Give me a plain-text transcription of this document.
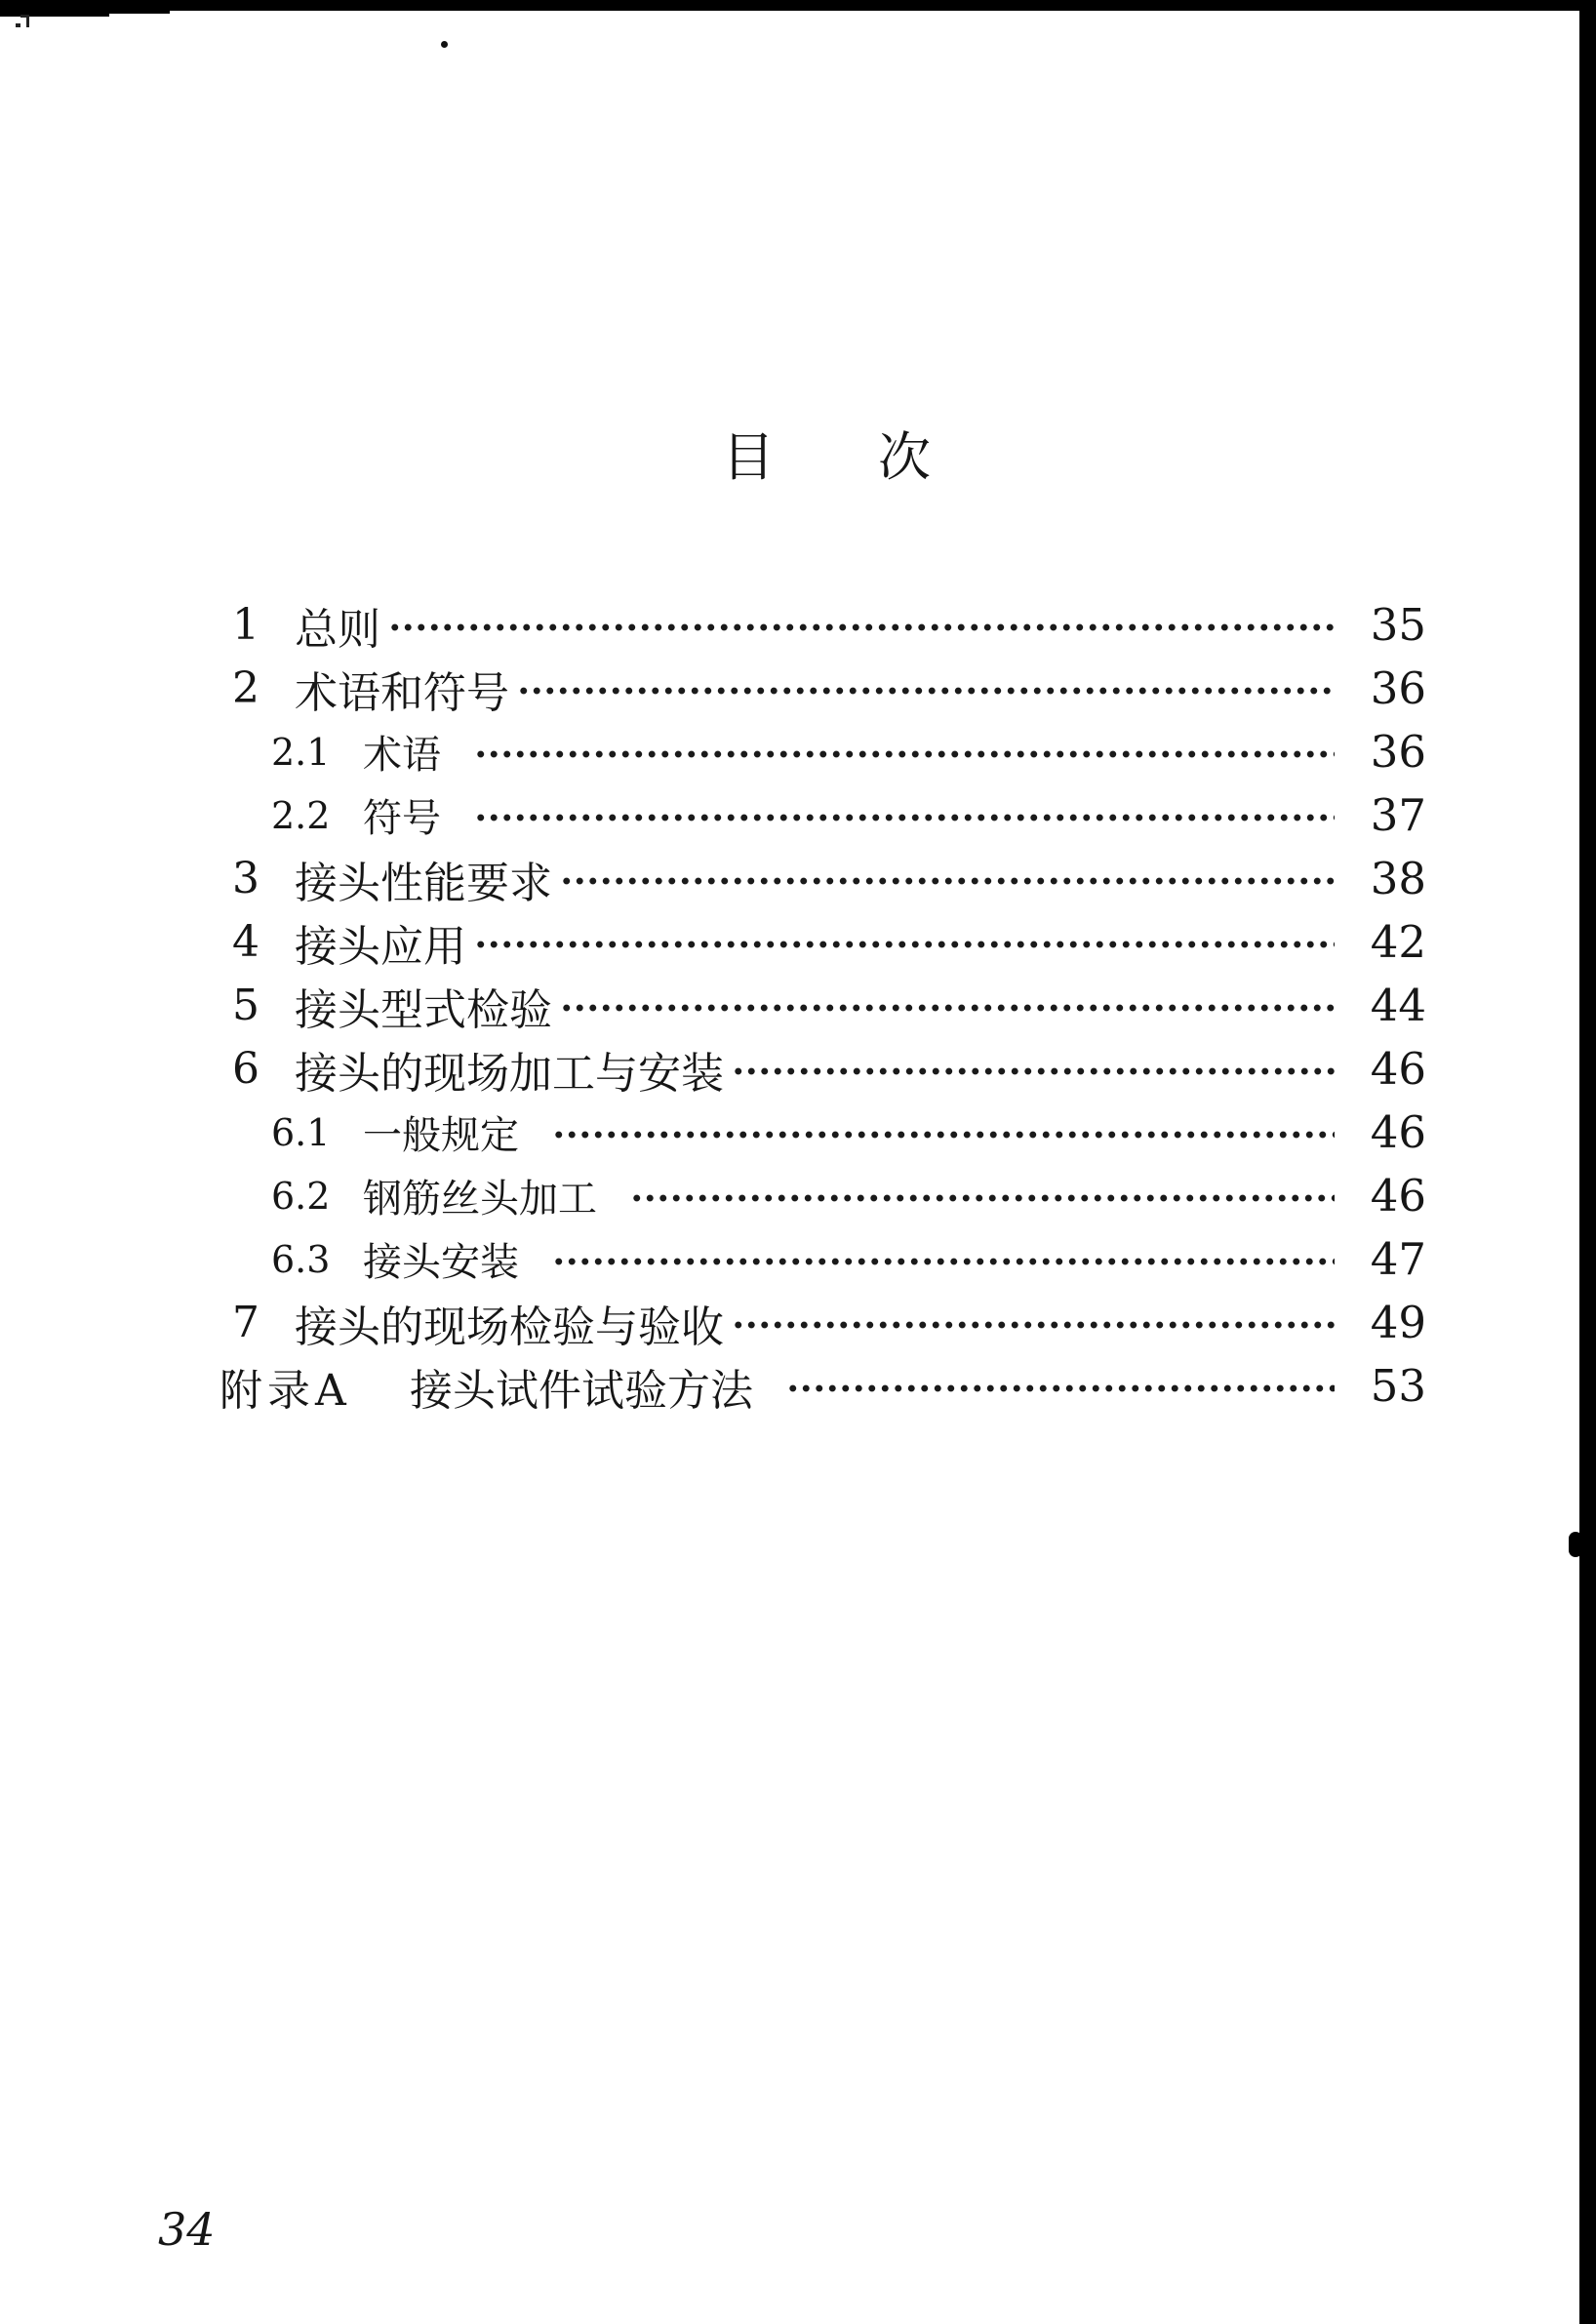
目 次
1 总则	35
2 术语和符号	36
2.1 术语	36
2.2 符号	37
3 接头性能要求	38
4 接头应用	42
5 接头型式检验	44
6 接头的现场加工与安装	46
6.1 一般规定	46
6.2 钢筋丝头加工	46
6.3 接头安装	47
7 接头的现场检验与验收	49
附录A	接头试件试验方法	53
34
